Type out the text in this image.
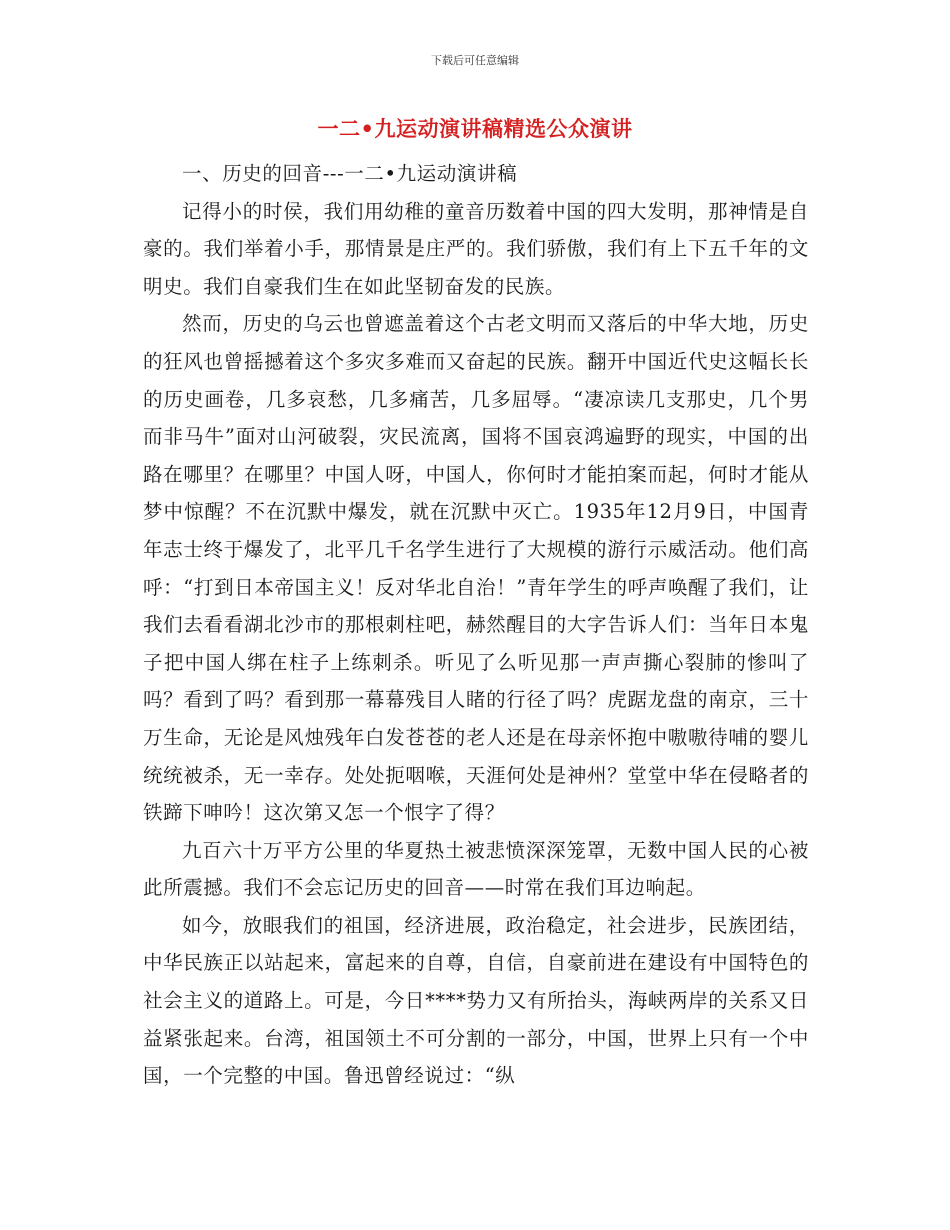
下载后可任意编辑
一二•九运动演讲稿精选公众演讲

一、历史的回音---一二•九运动演讲稿

记得小的时侯，我们用幼稚的童音历数着中国的四大发明，那神情是自豪的。我们举着小手，那情景是庄严的。我们骄傲，我们有上下五千年的文明史。我们自豪我们生在如此坚韧奋发的民族。

然而，历史的乌云也曾遮盖着这个古老文明而又落后的中华大地，历史的狂风也曾摇撼着这个多灾多难而又奋起的民族。翻开中国近代史这幅长长的历史画卷，几多哀愁，几多痛苦，几多屈辱。“凄凉读几支那史，几个男而非马牛”面对山河破裂，灾民流离，国将不国哀鸿遍野的现实，中国的出路在哪里？在哪里？中国人呀，中国人，你何时才能拍案而起，何时才能从梦中惊醒？不在沉默中爆发，就在沉默中灭亡。1935年12月9日，中国青年志士终于爆发了，北平几千名学生进行了大规模的游行示威活动。他们高呼：“打到日本帝国主义！反对华北自治！”青年学生的呼声唤醒了我们，让我们去看看湖北沙市的那根刺柱吧，赫然醒目的大字告诉人们：当年日本鬼子把中国人绑在柱子上练刺杀。听见了么听见那一声声撕心裂肺的惨叫了吗？看到了吗？看到那一幕幕残目人睹的行径了吗？虎踞龙盘的南京，三十万生命，无论是风烛残年白发苍苍的老人还是在母亲怀抱中嗷嗷待哺的婴儿统统被杀，无一幸存。处处扼咽喉，天涯何处是神州？堂堂中华在侵略者的铁蹄下呻吟！这次第又怎一个恨字了得？

九百六十万平方公里的华夏热土被悲愤深深笼罩，无数中国人民的心被此所震撼。我们不会忘记历史的回音——时常在我们耳边响起。

如今，放眼我们的祖国，经济进展，政治稳定，社会进步，民族团结，中华民族正以站起来，富起来的自尊，自信，自豪前进在建设有中国特色的社会主义的道路上。可是，今日****势力又有所抬头，海峡两岸的关系又日益紧张起来。台湾，祖国领土不可分割的一部分，中国，世界上只有一个中国，一个完整的中国。鲁迅曾经说过：“纵
